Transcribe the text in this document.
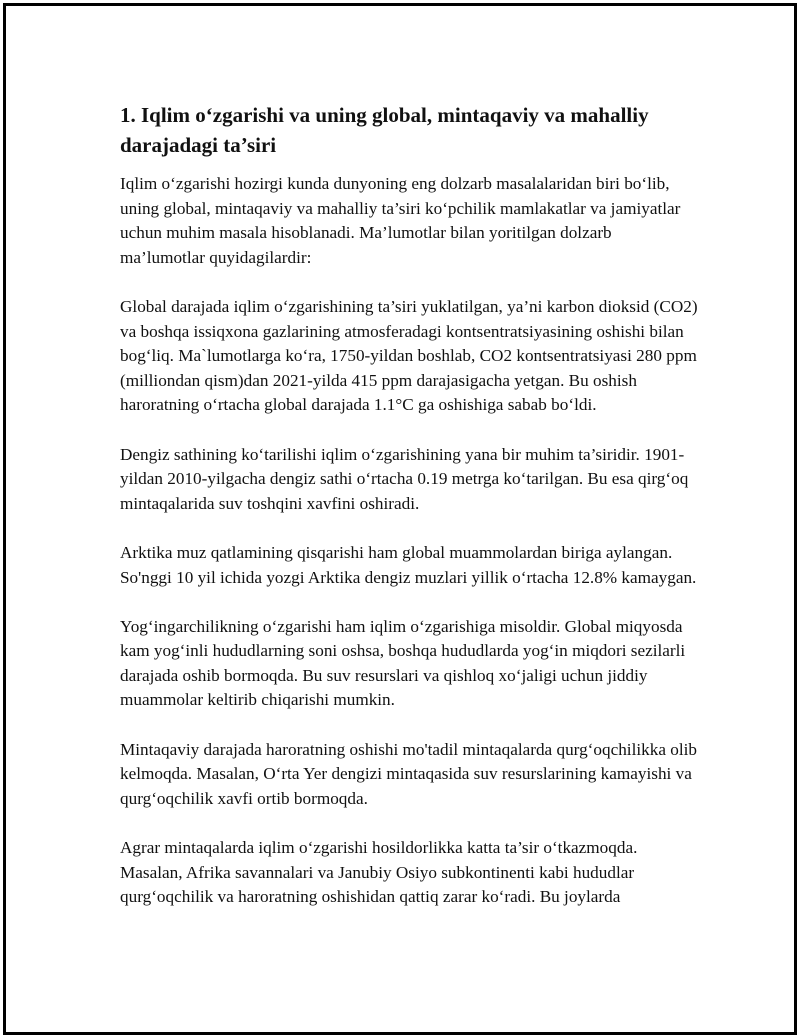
1. Iqlim o‘zgarishi va uning global, mintaqaviy va mahalliy darajadagi ta’siri

Iqlim o‘zgarishi hozirgi kunda dunyoning eng dolzarb masalalaridan biri bo‘lib, uning global, mintaqaviy va mahalliy ta’siri ko‘pchilik mamlakatlar va jamiyatlar uchun muhim masala hisoblanadi. Ma’lumotlar bilan yoritilgan dolzarb ma’lumotlar quyidagilardir:

Global darajada iqlim o‘zgarishining ta’siri yuklatilgan, ya’ni karbon dioksid (CO2) va boshqa issiqxona gazlarining atmosferadagi kontsentratsiyasining oshishi bilan bog‘liq. Ma`lumotlarga ko‘ra, 1750-yildan boshlab, CO2 kontsentratsiyasi 280 ppm (milliondan qism)dan 2021-yilda 415 ppm darajasigacha yetgan. Bu oshish haroratning o‘rtacha global darajada 1.1°C ga oshishiga sabab bo‘ldi.

Dengiz sathining ko‘tarilishi iqlim o‘zgarishining yana bir muhim ta’siridir. 1901-yildan 2010-yilgacha dengiz sathi o‘rtacha 0.19 metrga ko‘tarilgan. Bu esa qirg‘oq mintaqalarida suv toshqini xavfini oshiradi.

Arktika muz qatlamining qisqarishi ham global muammolardan biriga aylangan. So'nggi 10 yil ichida yozgi Arktika dengiz muzlari yillik o‘rtacha 12.8% kamaygan.

Yog‘ingarchilikning o‘zgarishi ham iqlim o‘zgarishiga misoldir. Global miqyosda kam yog‘inli hududlarning soni oshsa, boshqa hududlarda yog‘in miqdori sezilarli darajada oshib bormoqda. Bu suv resurslari va qishloq xo‘jaligi uchun jiddiy muammolar keltirib chiqarishi mumkin.

Mintaqaviy darajada haroratning oshishi mo'tadil mintaqalarda qurg‘oqchilikka olib kelmoqda. Masalan, O‘rta Yer dengizi mintaqasida suv resurslarining kamayishi va qurg‘oqchilik xavfi ortib bormoqda.

Agrar mintaqalarda iqlim o‘zgarishi hosildorlikka katta ta’sir o‘tkazmoqda. Masalan, Afrika savannalari va Janubiy Osiyo subkontinenti kabi hududlar qurg‘oqchilik va haroratning oshishidan qattiq zarar ko‘radi. Bu joylarda
